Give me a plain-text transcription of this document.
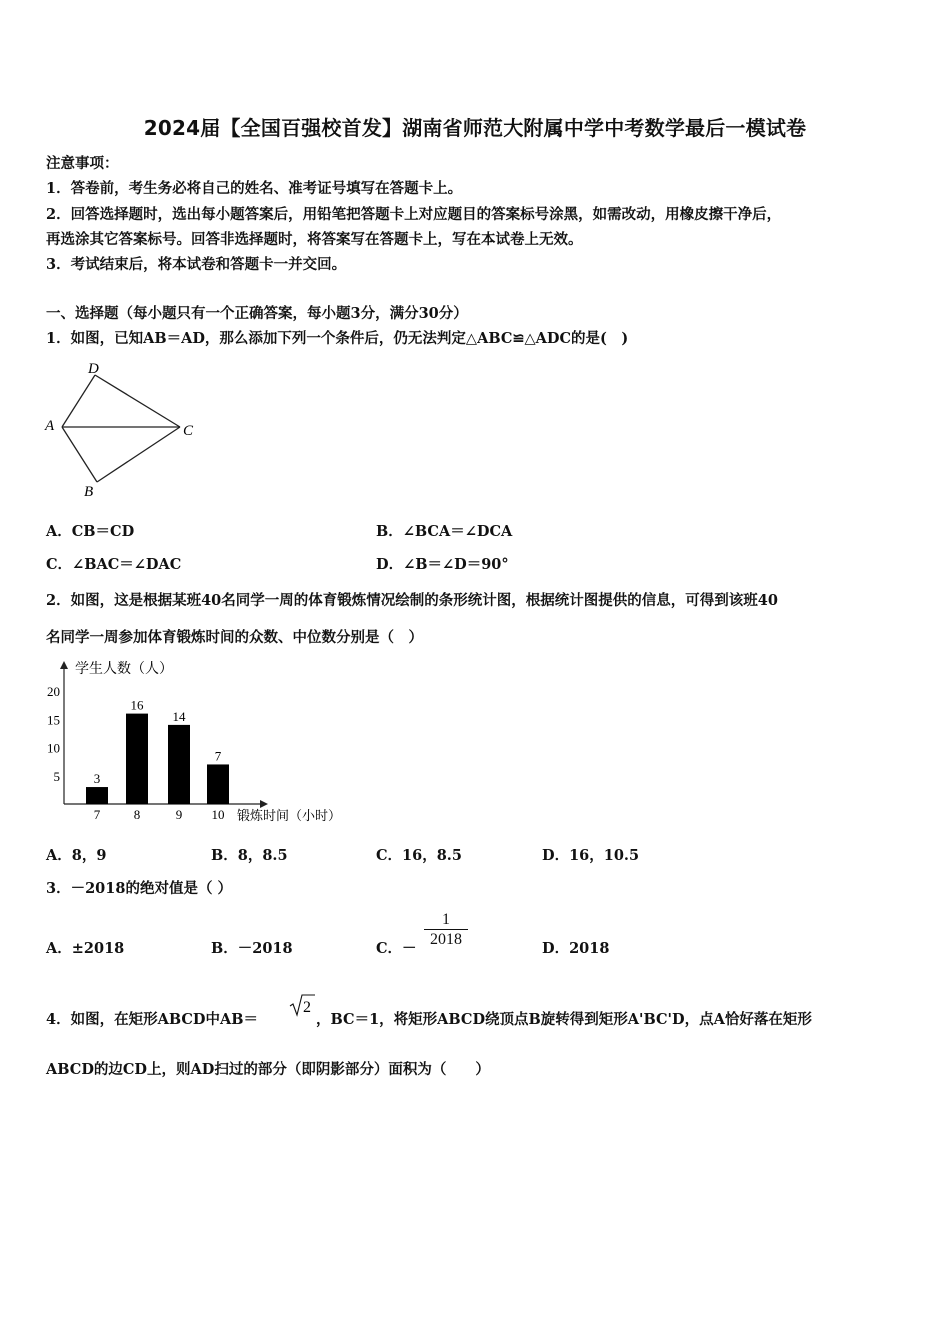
2024届【全国百强校首发】湖南省师范大附属中学中考数学最后一模试卷
注意事项：
1．答卷前，考生务必将自己的姓名、准考证号填写在答题卡上。
2．回答选择题时，选出每小题答案后，用铅笔把答题卡上对应题目的答案标号涂黑，如需改动，用橡皮擦干净后，
再选涂其它答案标号。回答非选择题时，将答案写在答题卡上，写在本试卷上无效。
3．考试结束后，将本试卷和答题卡一并交回。
一、选择题（每小题只有一个正确答案，每小题3分，满分30分）
1．如图，已知AB＝AD，那么添加下列一个条件后，仍无法判定△ABC≌△ADC的是(　)
D
A	C
B
A．CB＝CD	B．∠BCA＝∠DCA
C．∠BAC＝∠DAC	D．∠B＝∠D＝90°
2．如图，这是根据某班40名同学一周的体育锻炼情况绘制的条形统计图，根据统计图提供的信息，可得到该班40
名同学一周参加体育锻炼时间的众数、中位数分别是（　）
学生人数（人）
锻炼时间（小时）
5
10
15
20
3
7
16
8
14
9
7
10
A．8，9	B．8，8.5	C．16，8.5	D．16，10.5
3．－2018的绝对值是（ ）
A．±2018	B．－2018	C．－ $\frac{1}{2018}$	D．2018
4．如图，在矩形ABCD中AB＝
2
，BC＝1，将矩形ABCD绕顶点B旋转得到矩形A'BC'D，点A恰好落在矩形
ABCD的边CD上，则AD扫过的部分（即阴影部分）面积为（　　）
